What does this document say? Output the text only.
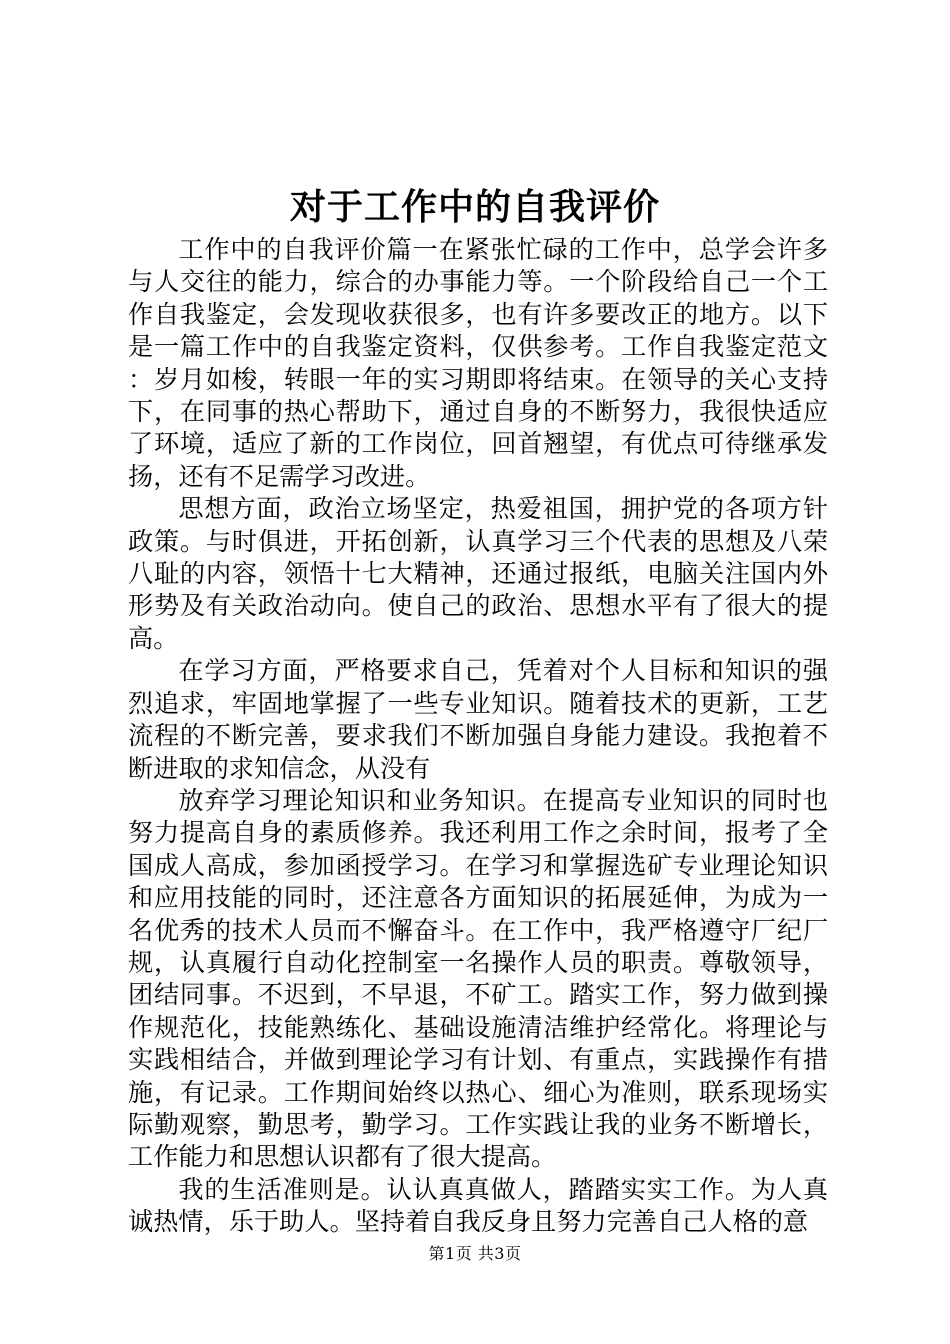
对于工作中的自我评价

工作中的自我评价篇一在紧张忙碌的工作中，总学会许多与人交往的能力，综合的办事能力等。一个阶段给自己一个工作自我鉴定，会发现收获很多，也有许多要改正的地方。以下是一篇工作中的自我鉴定资料，仅供参考。工作自我鉴定范文：岁月如梭，转眼一年的实习期即将结束。在领导的关心支持下，在同事的热心帮助下，通过自身的不断努力，我很快适应了环境，适应了新的工作岗位，回首翘望，有优点可待继承发扬，还有不足需学习改进。

思想方面，政治立场坚定，热爱祖国，拥护党的各项方针政策。与时俱进，开拓创新，认真学习三个代表的思想及八荣八耻的内容，领悟十七大精神，还通过报纸，电脑关注国内外形势及有关政治动向。使自己的政治、思想水平有了很大的提高。

在学习方面，严格要求自己，凭着对个人目标和知识的强烈追求，牢固地掌握了一些专业知识。随着技术的更新，工艺流程的不断完善，要求我们不断加强自身能力建设。我抱着不断进取的求知信念，从没有

放弃学习理论知识和业务知识。在提高专业知识的同时也努力提高自身的素质修养。我还利用工作之余时间，报考了全国成人高成，参加函授学习。在学习和掌握选矿专业理论知识和应用技能的同时，还注意各方面知识的拓展延伸，为成为一名优秀的技术人员而不懈奋斗。在工作中，我严格遵守厂纪厂规，认真履行自动化控制室一名操作人员的职责。尊敬领导，团结同事。不迟到，不早退，不矿工。踏实工作，努力做到操作规范化，技能熟练化、基础设施清洁维护经常化。将理论与实践相结合，并做到理论学习有计划、有重点，实践操作有措施，有记录。工作期间始终以热心、细心为准则，联系现场实际勤观察，勤思考，勤学习。工作实践让我的业务不断增长，工作能力和思想认识都有了很大提高。

我的生活准则是。认认真真做人，踏踏实实工作。为人真诚热情，乐于助人。坚持着自我反身且努力完善自己人格的意

第1页 共3页
